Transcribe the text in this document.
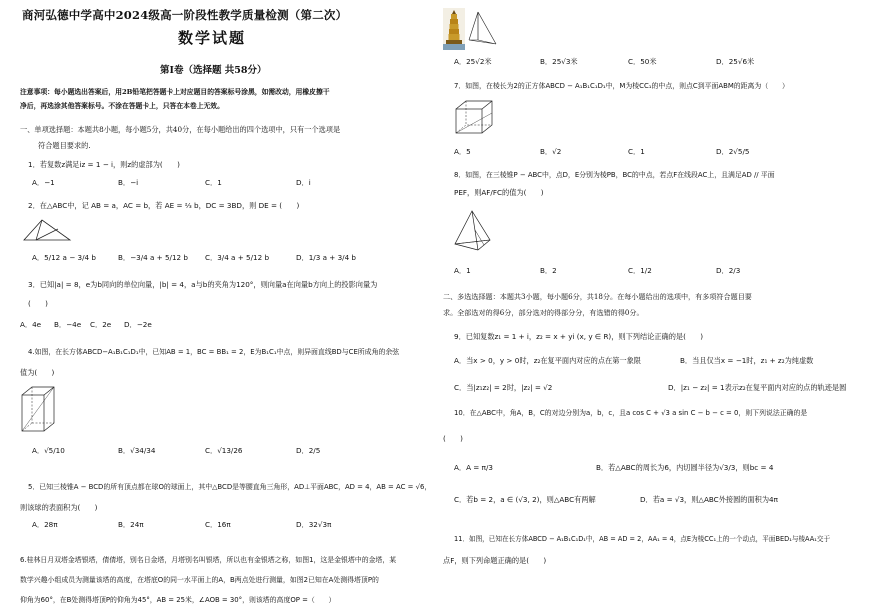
商河弘德中学高中2024级高一阶段性教学质量检测（第二次）
数学试题
第Ⅰ卷（选择题 共58分）
注意事项：每小题选出答案后，用2B铅笔把答题卡上对应题目的答案标号涂黑，如需改动，用橡皮擦干
净后，再选涂其他答案标号。不涂在答题卡上，只答在本卷上无效。
一、单项选择题：本题共8小题，每小题5分，共40分，在每小题给出的四个选项中，只有一个选项是
符合题目要求的.
1．若复数z满足iz = 1 − i，则z的虚部为(　　)
A．−1	B．−i	C．1	D．i
2．在△ABC中，记 AB = a，AC = b，若 AE = ⅔ b，DC = 3BD，则 DE = (　　)
A．5/12 a − 3/4 b	B．−3/4 a + 5/12 b C．3/4 a + 5/12 b	D．1/3 a + 3/4 b
3．已知|a| = 8，e为b同向的单位向量，|b| = 4，a与b的夹角为120°，则向量a在向量b方向上的投影向量为
(　　)
A．4e B．−4e C．2e D．−2e
4.如图，在长方体ABCD−A₁B₁C₁D₁中，已知AB = 1，BC = BB₁ = 2，E为B₁C₁中点，则异面直线BD与CE所成角的余弦
值为(　　)
A．√5/10	B．√34/34	C．√13/26	D．2/5
5．已知三棱锥A − BCD的所有顶点都在球O的球面上，其中△BCD是等腰直角三角形，AD⊥平面ABC，AD = 4，AB = AC = √6，
则该球的表面积为(　　)
A．28π	B．24π	C．16π	D．32√3π
6.桂林日月双塔金塔银塔，倩倩塔，别名日金塔，月塔别名叫银塔，所以也有金银塔之称，如图1，这是金银塔中的金塔，某
数学兴趣小组成员为测量该塔的高度，在塔底O的同一水平面上的A，B两点处进行测量，如图2已知在A处测得塔顶P的
仰角为60°，在B处测得塔顶P的仰角为45°，AB = 25米，∠AOB = 30°，则该塔的高度OP =（　　）
A．25√2米	B．25√3米	C．50米	D．25√6米
7．如图，在棱长为2的正方体ABCD − A₁B₁C₁D₁中，M为棱CC₁的中点，则点C到平面ABM的距离为（　　）
A．5	B．√2	C．1	D．2√5/5
8．如图，在三棱锥P − ABC中，点D，E分别为棱PB，BC的中点，若点F在线段AC上，且满足AD // 平面
PEF，则AF/FC的值为(　　)
A．1	B．2	C．1/2	D．2/3
二、多选选择题：本题共3小题，每小题6分，共18分。在每小题给出的选项中，有多项符合题目要
求。全部选对的得6分，部分选对的得部分分，有选错的得0分。
9．已知复数z₁ = 1 + i，z₂ = x + yi (x, y ∈ R)，则下列结论正确的是(　　)
A．当x > 0，y > 0时，z₂在复平面内对应的点在第一象限	B．当且仅当x = −1时，z₁ + z₂为纯虚数
C．当|z₁z₂| = 2时，|z₂| = √2	D．|z₁ − z₂| = 1表示z₂在复平面内对应的点的轨迹是圆
10．在△ABC中，角A，B，C的对边分别为a，b，c，且a cos C + √3 a sin C − b − c = 0，则下列说法正确的是
(　　)
A．A = π/3	B．若△ABC的周长为6，内切圆半径为√3/3，则bc = 4
C．若b = 2，a ∈ (√3, 2)，则△ABC有两解	D．若a = √3，则△ABC外接圆的面积为4π
11．如图，已知在长方体ABCD − A₁B₁C₁D₁中，AB = AD = 2，AA₁ = 4，点E为棱CC₁上的一个动点，平面BED₁与棱AA₁交于
点F，则下列命题正确的是(　　)
